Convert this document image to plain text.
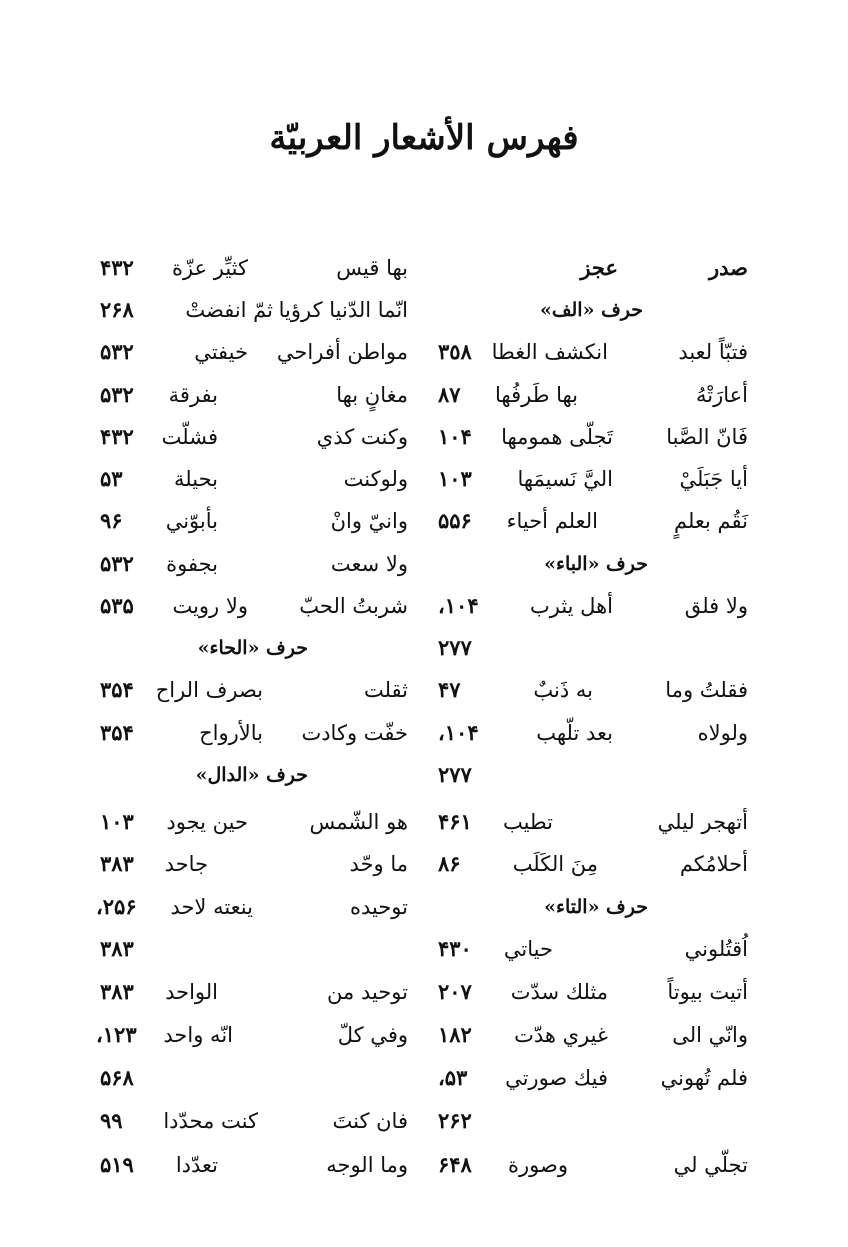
فهرس الأشعار العربيّة
صدر
عجز
بها قيس
كثيِّر عزّة
۴٣٢
حرف «الف»
انّما الدّنيا كرؤيا
ثمّ انفضتْ
٢۶٨
فتبّاً لعبد
انكشف الغطا
٣٥٨
مواطن أفراحي
خيفتي
۵٣٢
أعارَتْهُ
بها طَرفُها
٨٧
مغانٍ بها
بفرقة
۵٣٢
فَانّ الصَّبا
تَجلّی همومها
١٠۴
وكنت كذي
فشلّت
۴٣٢
أيا جَبَلَيْ
اليَّ نَسيمَها
١٠٣
ولوكنت
بحيلة
۵٣
نَقُم بعلمٍ
العلم أحياء
۵۵۶
وانيّ وانْ
بأبوّني
٩۶
حرف «الباء»
ولا سعت
بجفوة
۵٣٢
ولا فلق
أهل يثرب
١٠۴،
شربتُ الحبّ
ولا رويت
۵٣۵
٢٧٧
حرف «الحاء»
فقلتُ وما
به ذَنبٌ
۴٧
ثقلت
بصرف الراح
٣۵۴
ولولاه
بعد تلّهب
١٠۴،
خفّت وكادت
بالأرواح
٣۵۴
٢٧٧
حرف «الدال»
أتهجر ليلي
تطيب
۴۶١
هو الشّمس
حين يجود
١٠٣
أحلامُكم
مِنَ الكَلَب
٨۶
ما وحّد
جاحد
٣٨٣
حرف «التاء»
توحيده
ينعته لاحد
٢۵۶،
اُقتُلوني
حياتي
۴٣٠
٣٨٣
أتيت بيوتاً
مثلك سدّت
٢٠٧
توحيد من
الواحد
٣٨٣
وانّي الی
غيري هدّت
١٨٢
وفي كلّ
انّه واحد
١٢٣،
فلم تُهوني
فيك صورتي
۵٣،
۵۶٨
٢۶٢
فان كنتَ
كنت محدّدا
٩٩
تجلّي لي
وصورة
۶۴٨
وما الوجه
تعدّدا
۵١٩
